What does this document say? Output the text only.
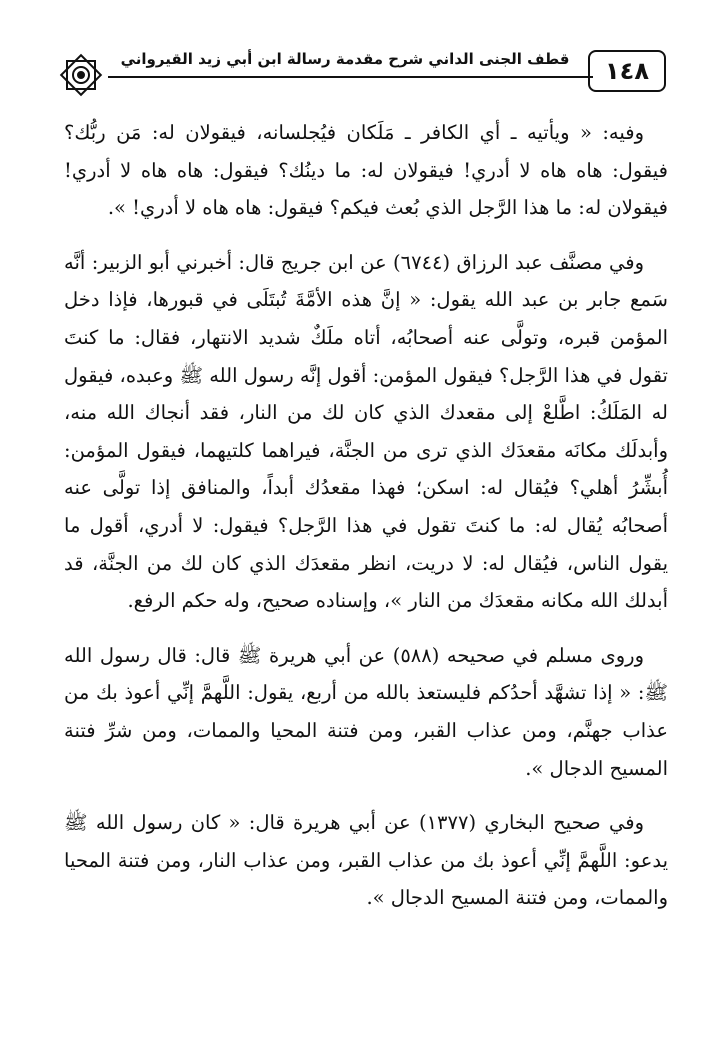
قطف الجنى الداني شرح مقدمة رسالة ابن أبي زيد القيرواني	١٤٨

وفيه: « ويأتيه ـ أي الكافر ـ مَلَكان فيُجلسانه، فيقولان له: مَن ربُّك؟ فيقول: هاه هاه لا أدري! فيقولان له: ما دينُك؟ فيقول: هاه هاه لا أدري! فيقولان له: ما هذا الرَّجل الذي بُعث فيكم؟ فيقول: هاه هاه لا أدري! ».

وفي مصنَّف عبد الرزاق (٦٧٤٤) عن ابن جريج قال: أخبرني أبو الزبير: أنَّه سَمع جابر بن عبد الله يقول: « إنَّ هذه الأمَّةَ تُبتَلَى في قبورها، فإذا دخل المؤمن قبره، وتولَّى عنه أصحابُه، أتاه ملَكٌ شديد الانتهار، فقال: ما كنتَ تقول في هذا الرَّجل؟ فيقول المؤمن: أقول إنَّه رسول الله ﷺ وعبده، فيقول له المَلَكُ: اطَّلعْ إلى مقعدك الذي كان لك من النار، فقد أنجاك الله منه، وأبدلَك مكانَه مقعدَك الذي ترى من الجنَّة، فيراهما كلتيهما، فيقول المؤمن: أُبشِّرُ أهلي؟ فيُقال له: اسكن؛ فهذا مقعدُك أبداً، والمنافق إذا تولَّى عنه أصحابُه يُقال له: ما كنتَ تقول في هذا الرَّجل؟ فيقول: لا أدري، أقول ما يقول الناس، فيُقال له: لا دريت، انظر مقعدَك الذي كان لك من الجنَّة، قد أبدلك الله مكانه مقعدَك من النار »، وإسناده صحيح، وله حكم الرفع.

وروى مسلم في صحيحه (٥٨٨) عن أبي هريرة ﷺ قال: قال رسول الله ﷺ: « إذا تشهَّد أحدُكم فليستعذ بالله من أربع، يقول: اللَّهمَّ إنِّي أعوذ بك من عذاب جهنَّم، ومن عذاب القبر، ومن فتنة المحيا والممات، ومن شرِّ فتنة المسيح الدجال ».

وفي صحيح البخاري (١٣٧٧) عن أبي هريرة قال: « كان رسول الله ﷺ يدعو: اللَّهمَّ إنِّي أعوذ بك من عذاب القبر، ومن عذاب النار، ومن فتنة المحيا والممات، ومن فتنة المسيح الدجال ».
